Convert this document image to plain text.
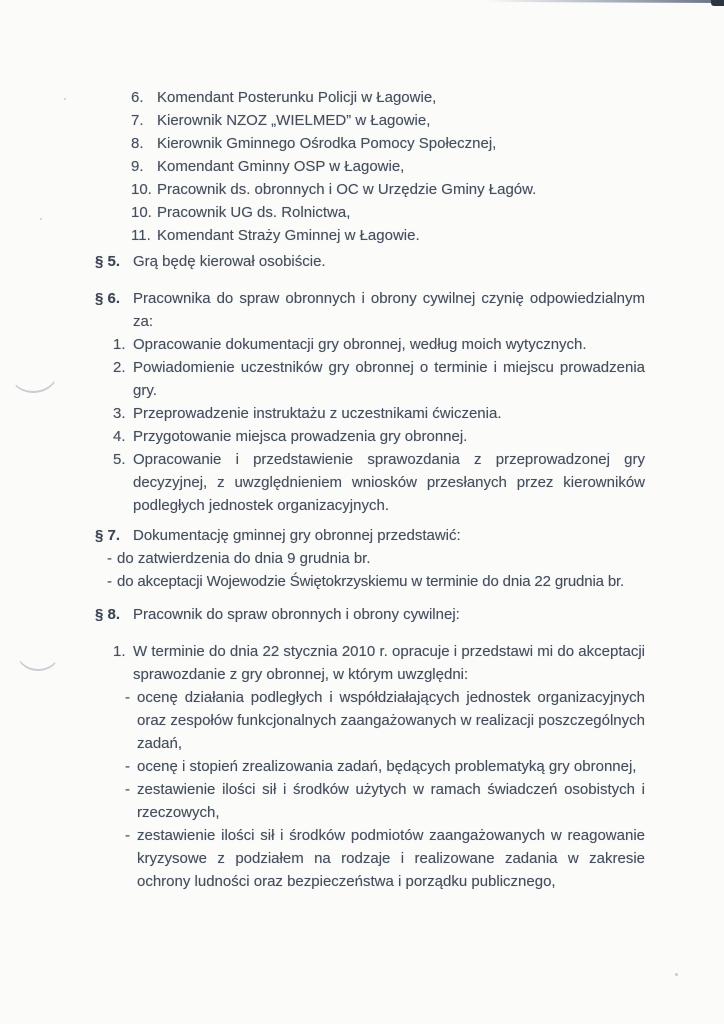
6. Komendant Posterunku Policji w Łagowie,
7. Kierownik NZOZ „WIELMED” w Łagowie,
8. Kierownik Gminnego Ośrodka Pomocy Społecznej,
9. Komendant Gminny OSP w Łagowie,
10. Pracownik ds. obronnych i OC w Urzędzie Gminy Łagów.
10. Pracownik UG ds. Rolnictwa,
11. Komendant Straży Gminnej w Łagowie.
§ 5. Grą będę kierował osobiście.

§ 6. Pracownika do spraw obronnych i obrony cywilnej czynię odpowiedzialnym za:

1. Opracowanie dokumentacji gry obronnej, według moich wytycznych.
2. Powiadomienie uczestników gry obronnej o terminie i miejscu prowadzenia gry.
3. Przeprowadzenie instruktażu z uczestnikami ćwiczenia.
4. Przygotowanie miejsca prowadzenia gry obronnej.
5. Opracowanie i przedstawienie sprawozdania z przeprowadzonej gry decyzyjnej, z uwzględnieniem wniosków przesłanych przez kierowników podległych jednostek organizacyjnych.
§ 7. Dokumentację gminnej gry obronnej przedstawić:

- do zatwierdzenia do dnia 9 grudnia br.
- do akceptacji Wojewodzie Świętokrzyskiemu w terminie do dnia 22 grudnia br.
§ 8. Pracownik do spraw obronnych i obrony cywilnej:

1. W terminie do dnia 22 stycznia 2010 r. opracuje i przedstawi mi do akceptacji sprawozdanie z gry obronnej, w którym uwzględni:
- ocenę działania podległych i współdziałających jednostek organizacyjnych oraz zespołów funkcjonalnych zaangażowanych w realizacji poszczególnych zadań,
- ocenę i stopień zrealizowania zadań, będących problematyką gry obronnej,
- zestawienie ilości sił i środków użytych w ramach świadczeń osobistych i rzeczowych,
- zestawienie ilości sił i środków podmiotów zaangażowanych w reagowanie kryzysowe z podziałem na rodzaje i realizowane zadania w zakresie ochrony ludności oraz bezpieczeństwa i porządku publicznego,
